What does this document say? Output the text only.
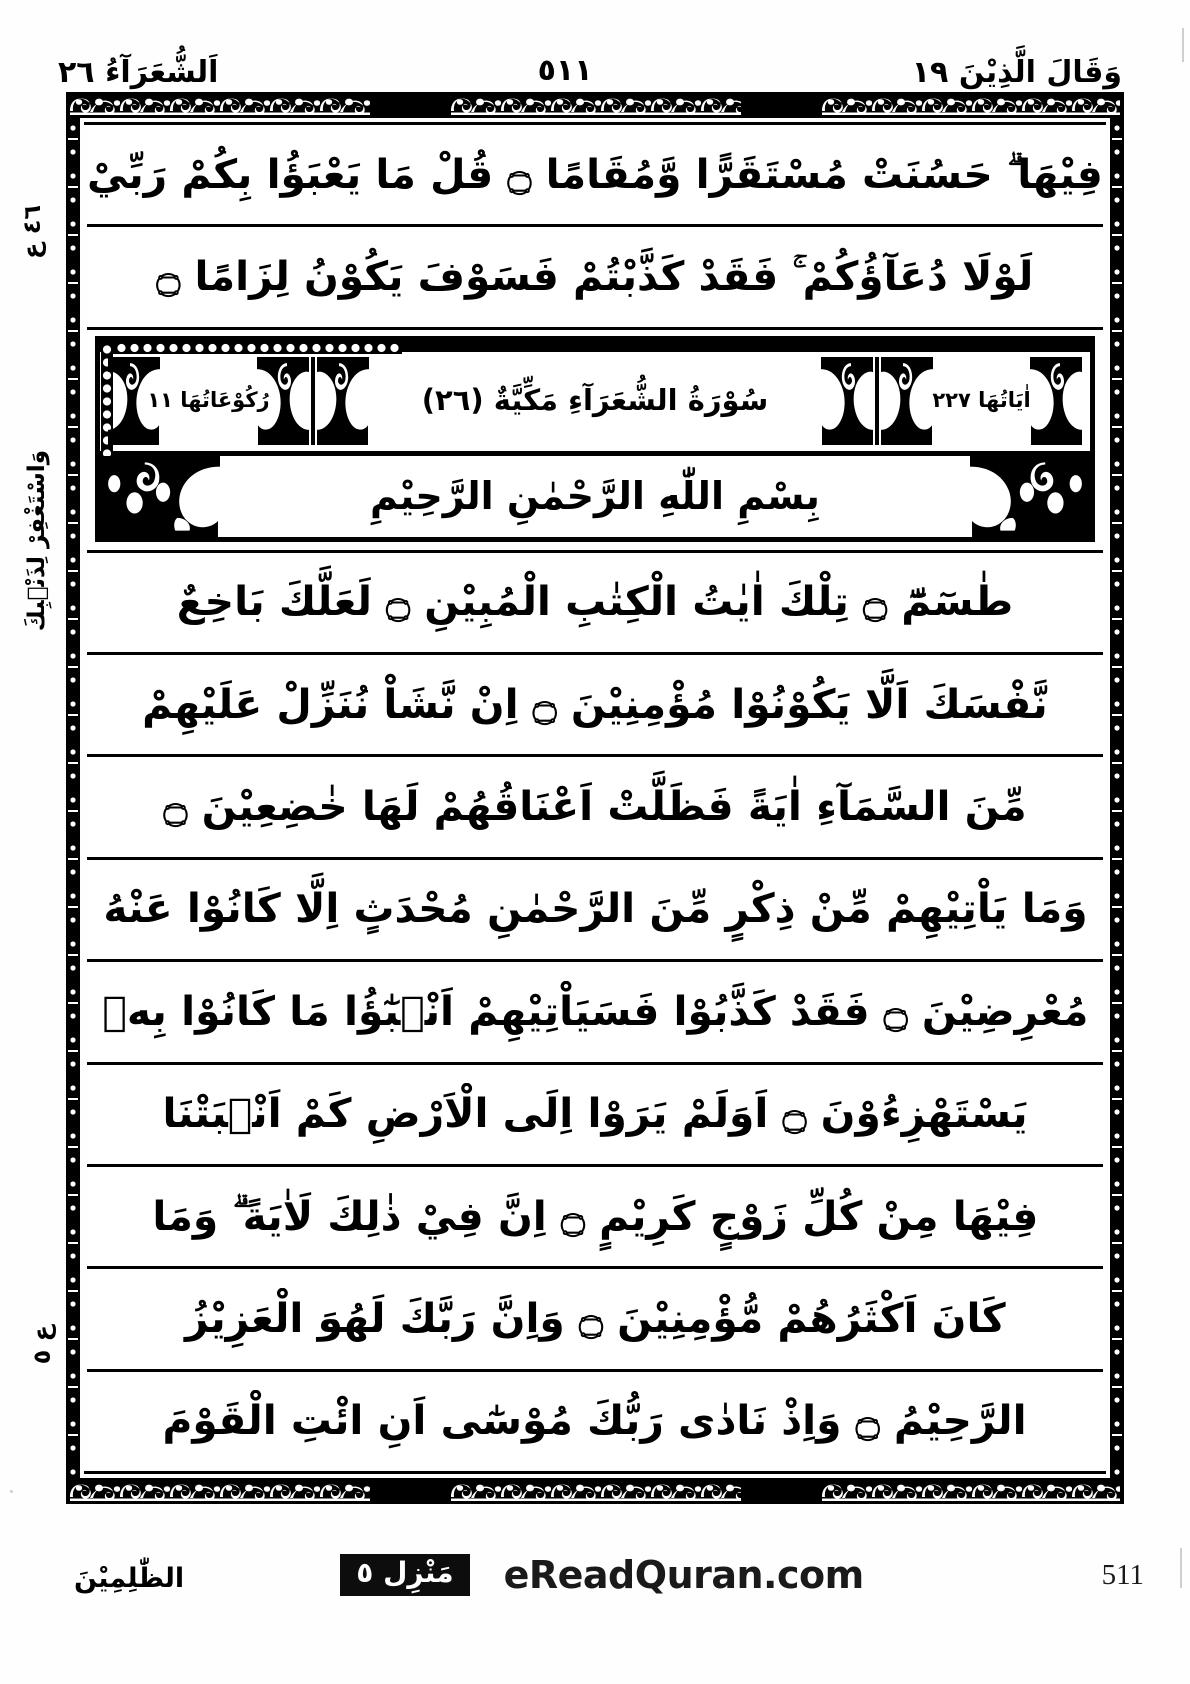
وَقَالَ الَّذِيْنَ ١٩
٥١١
اَلشُّعَرَآءُ ٢٦
٤٦ ع
وَاسْتَغْفِرْ لِذَنْۢبِكَ
ع ٥
فِيْهَا ۗ حَسُنَتْ مُسْتَقَرًّا وَّمُقَامًا ۝ قُلْ مَا يَعْبَؤُا بِكُمْ رَبِّيْ
لَوْلَا دُعَآؤُكُمْ ۚ فَقَدْ كَذَّبْتُمْ فَسَوْفَ يَكُوْنُ لِزَامًا ۝
اٰیَاتُهَا ٢٢٧
سُوْرَةُ الشُّعَرَآءِ مَكِّيَّةٌ (٢٦)
رُكُوْعَاتُهَا ١١
بِسْمِ اللّٰهِ الرَّحْمٰنِ الرَّحِيْمِ
طٰسٓمّٓ ۝ تِلْكَ اٰيٰتُ الْكِتٰبِ الْمُبِيْنِ ۝ لَعَلَّكَ بَاخِعٌ
نَّفْسَكَ اَلَّا يَكُوْنُوْا مُؤْمِنِيْنَ ۝ اِنْ نَّشَاْ نُنَزِّلْ عَلَيْهِمْ
مِّنَ السَّمَآءِ اٰيَةً فَظَلَّتْ اَعْنَاقُهُمْ لَهَا خٰضِعِيْنَ ۝
وَمَا يَاْتِيْهِمْ مِّنْ ذِكْرٍ مِّنَ الرَّحْمٰنِ مُحْدَثٍ اِلَّا كَانُوْا عَنْهُ
مُعْرِضِيْنَ ۝ فَقَدْ كَذَّبُوْا فَسَيَاْتِيْهِمْ اَنْۢبٰٓؤُا مَا كَانُوْا بِهٖ
يَسْتَهْزِءُوْنَ ۝ اَوَلَمْ يَرَوْا اِلَى الْاَرْضِ كَمْ اَنْۢبَتْنَا
فِيْهَا مِنْ كُلِّ زَوْجٍ كَرِيْمٍ ۝ اِنَّ فِيْ ذٰلِكَ لَاٰيَةً ۗ وَمَا
كَانَ اَكْثَرُهُمْ مُّؤْمِنِيْنَ ۝ وَاِنَّ رَبَّكَ لَهُوَ الْعَزِيْزُ
الرَّحِيْمُ ۝ وَاِذْ نَادٰى رَبُّكَ مُوْسٰٓى اَنِ ائْتِ الْقَوْمَ
الظّٰلِمِيْنَ	مَنْزِل ٥	eReadQuran.com	511
